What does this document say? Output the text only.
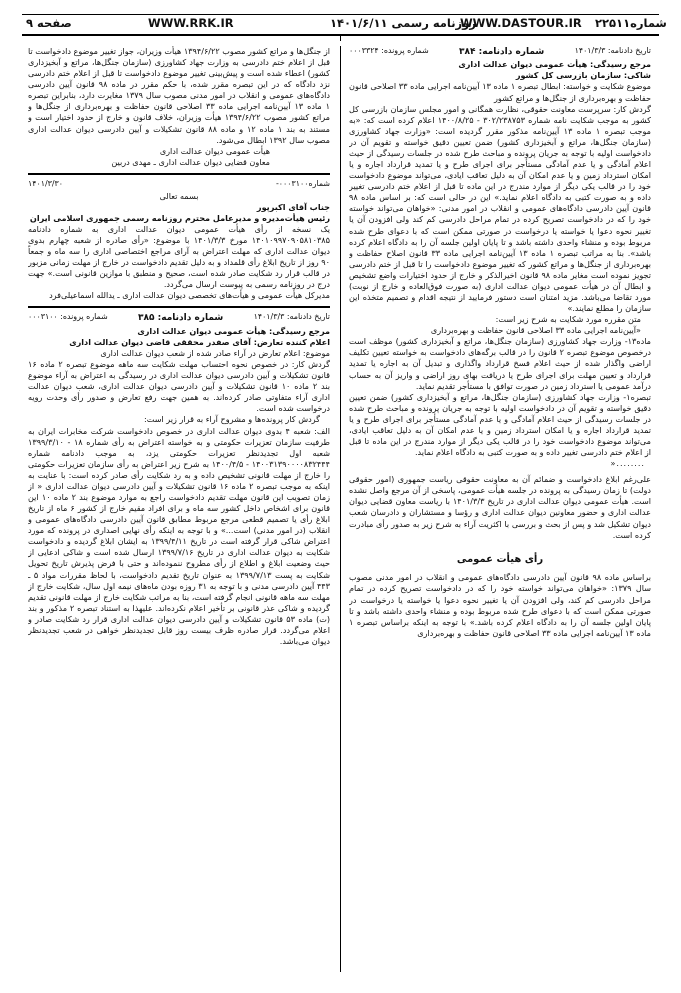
صفحه ۹	WWW.RRK.IR	روزنامه رسمی ۱۴۰۱/۶/۱۱
WWW.DASTOUR.IR شماره۲۲۵۱۱
تاریخ دادنامه: ۱۴۰۱/۳/۳
شماره دادنامه: ۳۸۴
شماره پرونده: ۰۰۰۳۳۲۴

مرجع رسیدگی: هیأت عمومی دیوان عدالت اداری

شاکی: سازمان بازرسی کل کشور

موضوع شکایت و خواسته: ابطال تبصره ۱ ماده ۱۳ آیین‌نامه اجرایی ماده ۳۳ اصلاحی قانون حفاظت و بهره‌برداری از جنگل‌ها و مراتع کشور

گردش کار: سرپرست معاونت حقوقی، نظارت همگانی و امور مجلس سازمان بازرسی کل کشور به موجب شکایت نامه شماره ۳۰۲/۲۳۸۷۵۳ - ۱۴۰۰/۸/۲۵ اعلام کرده است که: «به موجب تبصره ۱ ماده ۱۳ آیین‌نامه مذکور مقرر گردیده است: «وزارت جهاد کشاورزی (سازمان جنگل‌ها، مراتع و آبخیزداری کشور) ضمن تعیین دقیق خواسته و تقویم آن در دادخواست اولیه با توجه به جریان پرونده و مباحث طرح شده در جلسات رسیدگی از حیث اعلام آمادگی و یا عدم آمادگی مستأجر برای اجرای طرح و یا تمدید قرارداد اجاره و یا امکان استرداد زمین و یا عدم امکان آن به دلیل تعاقب ایادی، می‌تواند موضوع دادخواست خود را در قالب یکی دیگر از موارد مندرج در این ماده تا قبل از اعلام ختم دادرسی تغییر داده و به صورت کتبی به دادگاه اعلام نماید.» این در حالی است که: بر اساس ماده ۹۸ قانون آیین دادرسی دادگاه‌های عمومی و انقلاب در امور مدنی: «خواهان می‌تواند خواسته خود را که در دادخواست تصریح کرده در تمام مراحل دادرسی کم کند ولی افزودن آن یا تغییر نحوه دعوا یا خواسته یا درخواست در صورتی ممکن است که با دعوای طرح شده مربوط بوده و منشاء واحدی داشته باشد و تا پایان اولین جلسه آن را به دادگاه اعلام کرده باشد». بنا به مراتب تبصره ۱ ماده ۱۳ آیین‌نامه اجرایی ماده ۳۳ قانون اصلاح حفاظت و بهره‌برداری از جنگل‌ها و مراتع کشور که تغییر موضوع دادخواست را تا قبل از ختم دادرسی تجویز نموده است مغایر ماده ۹۸ قانون اخیرالذکر و خارج از حدود اختیارات واضع تشخیص و ابطال آن در هیأت عمومی دیوان عدالت اداری (به صورت فوق‌العاده و خارج از نوبت) مورد تقاضا می‌باشد. مزید امتنان است دستور فرمایید از نتیجه اقدام و تصمیم متخذه این سازمان را مطلع نمایند.»

متن مقرره مورد شکایت به شرح زیر است:

«آیین‌نامه اجرایی ماده ۳۳ اصلاحی قانون حفاظت و بهره‌برداری

ماده۱۳- وزارت جهاد کشاورزی (سازمان جنگل‌ها، مراتع و آبخیزداری کشور) موظف است درخصوص موضوع تبصره ۲ قانون را در قالب برگه‌های دادخواست به خواسته تعیین تکلیف اراضی واگذار شده از حیث اعلام فسخ قرارداد واگذاری و تبدیل آن به اجاره یا تمدید قرارداد و تعیین مهلت برای اجرای طرح یا دریافت بهای روز اراضی و واریز آن به حساب درآمد عمومی یا استرداد زمین در صورت توافق با مستأجر تقدیم نماید.

تبصره۱- وزارت جهاد کشاورزی (سازمان جنگل‌ها، مراتع و آبخیزداری کشور) ضمن تعیین دقیق خواسته و تقویم آن در دادخواست اولیه با توجه به جریان پرونده و مباحث طرح شده در جلسات رسیدگی از حیث اعلام آمادگی و یا عدم آمادگی مستأجر برای اجرای طرح و یا تمدید قرارداد اجاره و یا امکان استرداد زمین و یا عدم امکان آن به دلیل تعاقب ایادی، می‌تواند موضوع دادخواست خود را در قالب یکی دیگر از موارد مندرج در این ماده تا قبل از اعلام ختم دادرسی تغییر داده و به صورت کتبی به دادگاه اعلام نماید.

........«

علی‌رغم ابلاغ دادخواست و ضمائم آن به معاونت حقوقی ریاست جمهوری (امور حقوقی دولت) تا زمان رسیدگی به پرونده در جلسه هیأت عمومی، پاسخی از آن مرجع واصل نشده است. هیأت عمومی دیوان عدالت اداری در تاریخ ۱۴۰۱/۳/۳ با ریاست معاون قضایی دیوان عدالت اداری و حضور معاونین دیوان عدالت اداری و رؤسا و مستشاران و دادرسان شعب دیوان تشکیل شد و پس از بحث و بررسی با اکثریت آراء به شرح زیر به صدور رأی مبادرت کرده است.

رأی هیأت عمومی

براساس ماده ۹۸ قانون آیین دادرسی دادگاه‌های عمومی و انقلاب در امور مدنی مصوب سال ۱۳۷۹: «خواهان می‌تواند خواسته خود را که در دادخواست تصریح کرده در تمام مراحل دادرسی کم کند، ولی افزودن آن یا تغییر نحوه دعوا یا خواسته یا درخواست در صورتی ممکن است که با دعوای طرح شده مربوط بوده و منشاء واحدی داشته باشد و تا پایان اولین جلسه آن را به دادگاه اعلام کرده باشد.» با توجه به اینکه براساس تبصره ۱ ماده ۱۳ آیین‌نامه اجرایی ماده ۳۳ اصلاحی قانون حفاظت و بهره‌برداری

از جنگل‌ها و مراتع کشور مصوب ۱۳۹۴/۶/۲۲ هیأت وزیران، جواز تغییر موضوع دادخواست تا قبل از اعلام ختم دادرسی به وزارت جهاد کشاورزی (سازمان جنگل‌ها، مراتع و آبخیزداری کشور) اعطاء شده است و پیش‌بینی تغییر موضوع دادخواست تا قبل از اعلام ختم دادرسی نزد دادگاه که در این تبصره مقرر شده، با حکم مقرر در ماده ۹۸ قانون آیین دادرسی دادگاه‌های عمومی و انقلاب در امور مدنی مصوب سال ۱۳۷۹ مغایرت دارد، بنابراین تبصره ۱ ماده ۱۳ آیین‌نامه اجرایی ماده ۳۳ اصلاحی قانون حفاظت و بهره‌برداری از جنگل‌ها و مراتع کشور مصوب ۱۳۹۴/۶/۲۲ هیأت وزیران، خلاف قانون و خارج از حدود اختیار است و مستند به بند ۱ ماده ۱۲ و ماده ۸۸ قانون تشکیلات و آیین دادرسی دیوان عدالت اداری مصوب سال ۱۳۹۲ ابطال می‌شود.

هیأت عمومی دیوان عدالت اداری

معاون قضایی دیوان عدالت اداری ـ مهدی دربین

شماره۰۰۰۳۱۰۰-
۱۴۰۱/۳/۳۰

بسمه تعالی

جناب آقای اکبرپور

رئیس هیأت‌مدیره و مدیرعامل محترم روزنامه رسمی جمهوری اسلامی ایران

یک نسخه از رأی هیأت عمومی دیوان عدالت اداری به شماره دادنامه ۱۴۰۱۰۹۹۷۰۹۰۵۸۱۰۳۸۵ مورخ ۱۴۰۱/۳/۳ با موضوع: «رأی صادره از شعبه چهارم بدوی دیوان عدالت اداری که مهلت اعتراض به آرای مراجع اختصاصی اداری را سه ماه و جمعاً ۹۰ روز از تاریخ ابلاغ رأی قلمداد و به دلیل تقدیم دادخواست در خارج از مهلت زمانی مزبور در قالب قرار رد شکایت صادر شده است، صحیح و منطبق با موازین قانونی است.» جهت درج در روزنامه رسمی به پیوست ارسال می‌گردد.

مدیرکل هیأت عمومی و هیأت‌های تخصصی دیوان عدالت اداری ـ یدالله اسماعیلی‌فرد

تاریخ دادنامه: ۱۴۰۱/۳/۳
شماره دادنامه: ۳۸۵
شماره پرونده: ۰۰۰۳۱۰۰

مرجع رسیدگی: هیأت عمومی دیوان عدالت اداری

اعلام کننده تعارض: آقای صفدر محققی قاضی دیوان عدالت اداری

موضوع: اعلام تعارض در آراء صادر شده از شعب دیوان عدالت اداری

گردش کار: در خصوص نحوه احتساب مهلت شکایت سه ماهه موضوع تبصره ۲ ماده ۱۶ قانون تشکیلات و آیین دادرسی دیوان عدالت اداری در رسیدگی به اعتراض به آراء موضوع بند ۲ ماده ۱۰ قانون تشکیلات و آیین دادرسی دیوان عدالت اداری، شعب دیوان عدالت اداری آراء متفاوتی صادر کرده‌اند. به همین جهت رفع تعارض و صدور رأی وحدت رویه درخواست شده است.

گردش کار پرونده‌ها و مشروح آراء به قرار زیر است:

الف: شعبه ۴ بدوی دیوان عدالت اداری در خصوص دادخواست شرکت مخابرات ایران به طرفیت سازمان تعزیرات حکومتی و به خواسته اعتراض به رأی شماره ۱۸ - ۱۳۹۹/۳/۱۰ شعبه اول تجدیدنظر تعزیرات حکومتی یزد، به موجب دادنامه شماره ۱۴۰۰۳۱۳۹۰۰۰۰۸۳۲۴۴۴ - ۱۴۰۰/۴/۵ به شرح زیر اعتراض به رأی سازمان تعزیرات حکومتی را خارج از مهلت قانونی تشخیص داده و به رد شکایت رأی صادر کرده است: با عنایت به اینکه به موجب تبصره ۲ ماده ۱۶ قانون تشکیلات و آیین دادرسی دیوان عدالت اداری « از زمان تصویب این قانون مهلت تقدیم دادخواست راجع به موارد موضوع بند ۲ ماده ۱۰ این قانون برای اشخاص داخل کشور سه ماه و برای افراد مقیم خارج از کشور ۶ ماه از تاریخ ابلاغ رأی یا تصمیم قطعی مرجع مربوط مطابق قانون آیین دادرسی دادگاه‌های عمومی و انقلاب (در امور مدنی) است...» و با توجه به اینکه رأی نهایی اصداری در پرونده که مورد اعتراض شاکی قرار گرفته است در تاریخ ۱۳۹۹/۴/۱۱ به ایشان ابلاغ گردیده و دادخواست شکایت به دیوان عدالت اداری در تاریخ ۱۳۹۹/۷/۱۶ ارسال شده است و شاکی ادعایی از حیث وضعیت ابلاغ و اطلاع از رأی مطروح ننموده‌اند و حتی با فرض پذیرش تاریخ تحویل شکایت به پست ۱۳۹۹/۷/۱۳ به عنوان تاریخ تقدیم دادخواست، با لحاظ مقررات مواد ۵ ـ ۴۴۳ آیین دادرسی مدنی و با توجه به ۳۱ روزه بودن ماه‌های نیمه اول سال، شکایت خارج از مهلت سه ماهه قانونی انجام گرفته است، بنا به مراتب شکایت خارج از مهلت قانونی تقدیم گردیده و شاکی عذر قانونی بر تأخیر اعلام نکرده‌اند. علیهذا به استناد تبصره ۲ مذکور و بند (ت) ماده ۵۳ قانون تشکیلات و آیین دادرسی دیوان عدالت اداری قرار رد شکایت صادر و اعلام می‌گردد. قرار صادره ظرف بیست روز قابل تجدیدنظر خواهی در شعب تجدیدنظر دیوان می‌باشد.
